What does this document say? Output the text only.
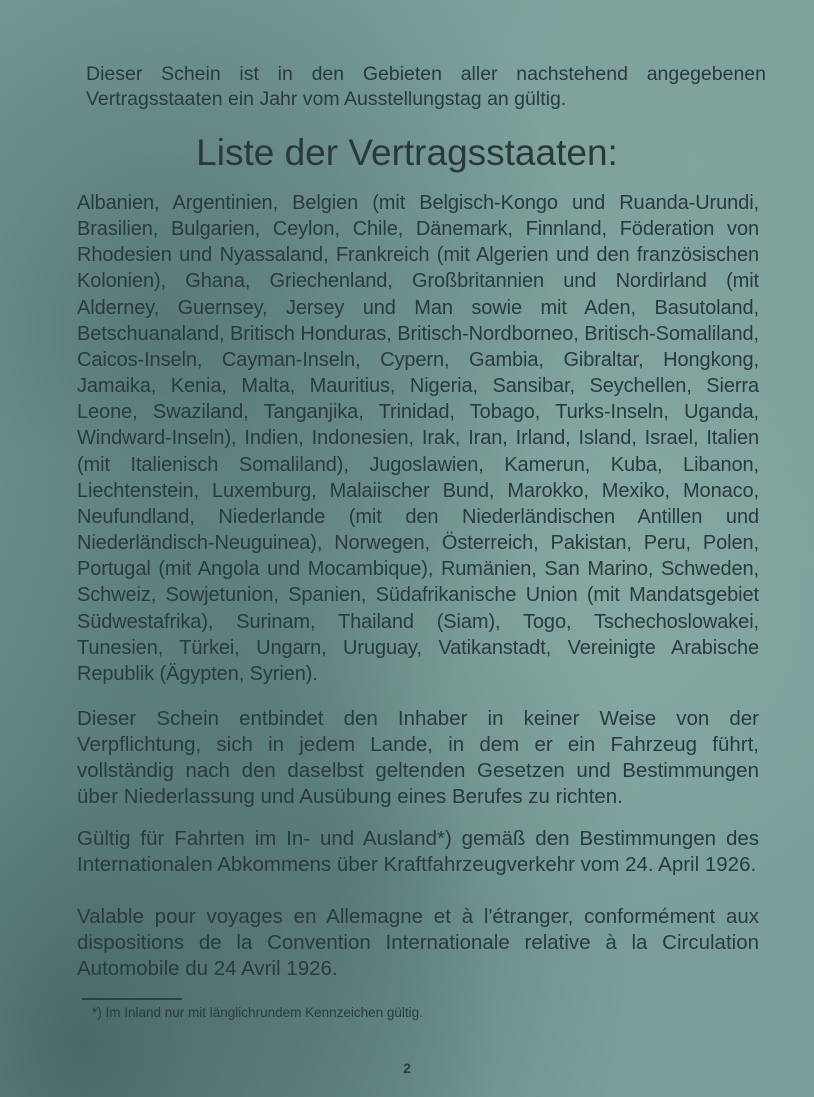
Dieser Schein ist in den Gebieten aller nachstehend angegebenen Vertragsstaaten ein Jahr vom Ausstellungstag an gültig.
Liste der Vertragsstaaten:
Albanien, Argentinien, Belgien (mit Belgisch-Kongo und Ruanda-Urundi, Brasilien, Bulgarien, Ceylon, Chile, Dänemark, Finnland, Föderation von Rhodesien und Nyassaland, Frankreich (mit Algerien und den französischen Kolonien), Ghana, Griechenland, Großbritannien und Nordirland (mit Alderney, Guernsey, Jersey und Man sowie mit Aden, Basutoland, Betschuanaland, Britisch Honduras, Britisch-Nordborneo, Britisch-Somaliland, Caicos-Inseln, Cayman-Inseln, Cypern, Gambia, Gibraltar, Hongkong, Jamaika, Kenia, Malta, Mauritius, Nigeria, Sansibar, Seychellen, Sierra Leone, Swaziland, Tanganjika, Trinidad, Tobago, Turks-Inseln, Uganda, Windward-Inseln), Indien, Indonesien, Irak, Iran, Irland, Island, Israel, Italien (mit Italienisch Somaliland), Jugoslawien, Kamerun, Kuba, Libanon, Liechtenstein, Luxemburg, Malaiischer Bund, Marokko, Mexiko, Monaco, Neufundland, Niederlande (mit den Niederländischen Antillen und Niederländisch-Neuguinea), Norwegen, Österreich, Pakistan, Peru, Polen, Portugal (mit Angola und Mocambique), Rumänien, San Marino, Schweden, Schweiz, Sowjetunion, Spanien, Südafrikanische Union (mit Mandatsgebiet Südwestafrika), Surinam, Thailand (Siam), Togo, Tschechoslowakei, Tunesien, Türkei, Ungarn, Uruguay, Vatikanstadt, Vereinigte Arabische Republik (Ägypten, Syrien).
Dieser Schein entbindet den Inhaber in keiner Weise von der Verpflichtung, sich in jedem Lande, in dem er ein Fahrzeug führt, vollständig nach den daselbst geltenden Gesetzen und Bestimmungen über Niederlassung und Ausübung eines Berufes zu richten.
Gültig für Fahrten im In- und Ausland*) gemäß den Bestimmungen des Internationalen Abkommens über Kraftfahrzeugverkehr vom 24. April 1926.
Valable pour voyages en Allemagne et à l'étranger, conformément aux dispositions de la Convention Internationale relative à la Circulation Automobile du 24 Avril 1926.
*) Im Inland nur mit länglichrundem Kennzeichen gültig.
2
